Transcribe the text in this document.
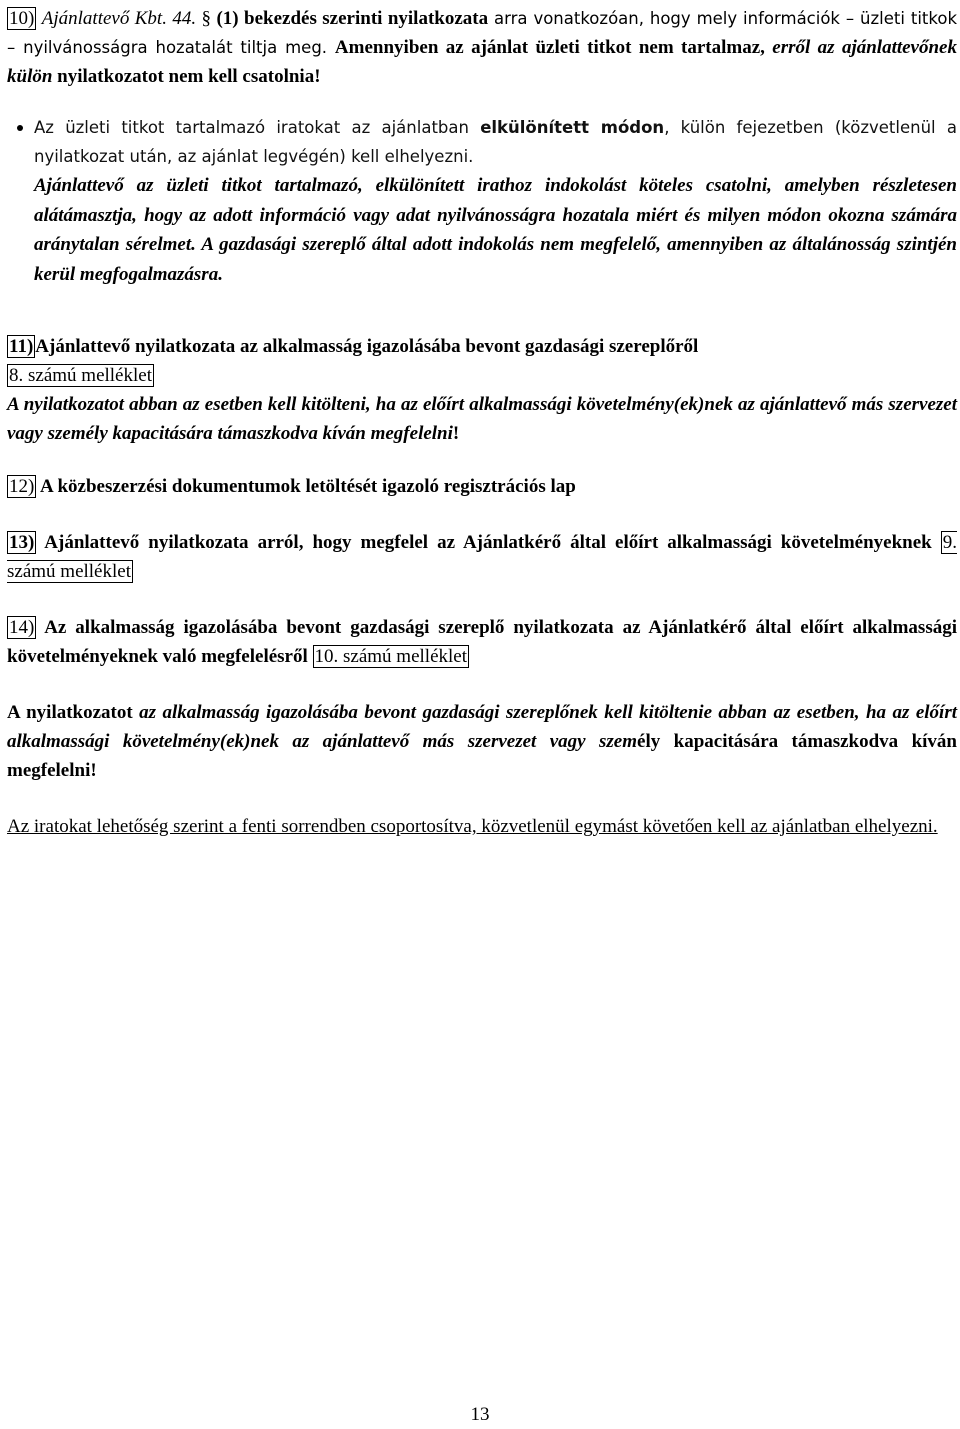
10) Ajánlattevő Kbt. 44. § (1) bekezdés szerinti nyilatkozata arra vonatkozóan, hogy mely információk – üzleti titkok – nyilvánosságra hozatalát tiltja meg. Amennyiben az ajánlat üzleti titkot nem tartalmaz, erről az ajánlattevőnek külön nyilatkozatot nem kell csatolnia!

Az üzleti titkot tartalmazó iratokat az ajánlatban elkülönített módon, külön fejezetben (közvetlenül a nyilatkozat után, az ajánlat legvégén) kell elhelyezni.

Ajánlattevő az üzleti titkot tartalmazó, elkülönített irathoz indokolást köteles csatolni, amelyben részletesen alátámasztja, hogy az adott információ vagy adat nyilvánosságra hozatala miért és milyen módon okozna számára aránytalan sérelmet. A gazdasági szereplő által adott indokolás nem megfelelő, amennyiben az általánosság szintjén kerül megfogalmazásra.

11) Ajánlattevő nyilatkozata az alkalmasság igazolásába bevont gazdasági szereplőről
8. számú melléklet

A nyilatkozatot abban az esetben kell kitölteni, ha az előírt alkalmassági követelmény(ek)nek az ajánlattevő más szervezet vagy személy kapacitására támaszkodva kíván megfelelni!

12) A közbeszerzési dokumentumok letöltését igazoló regisztrációs lap

13) Ajánlattevő nyilatkozata arról, hogy megfelel az Ajánlatkérő által előírt alkalmassági követelményeknek 9. számú melléklet

14) Az alkalmasság igazolásába bevont gazdasági szereplő nyilatkozata az Ajánlatkérő által előírt alkalmassági követelményeknek való megfelelésről 10. számú melléklet

A nyilatkozatot az alkalmasság igazolásába bevont gazdasági szereplőnek kell kitöltenie abban az esetben, ha az előírt alkalmassági követelmény(ek)nek az ajánlattevő más szervezet vagy személy kapacitására támaszkodva kíván megfelelni!

Az iratokat lehetőség szerint a fenti sorrendben csoportosítva, közvetlenül egymást követően kell az ajánlatban elhelyezni.

13
